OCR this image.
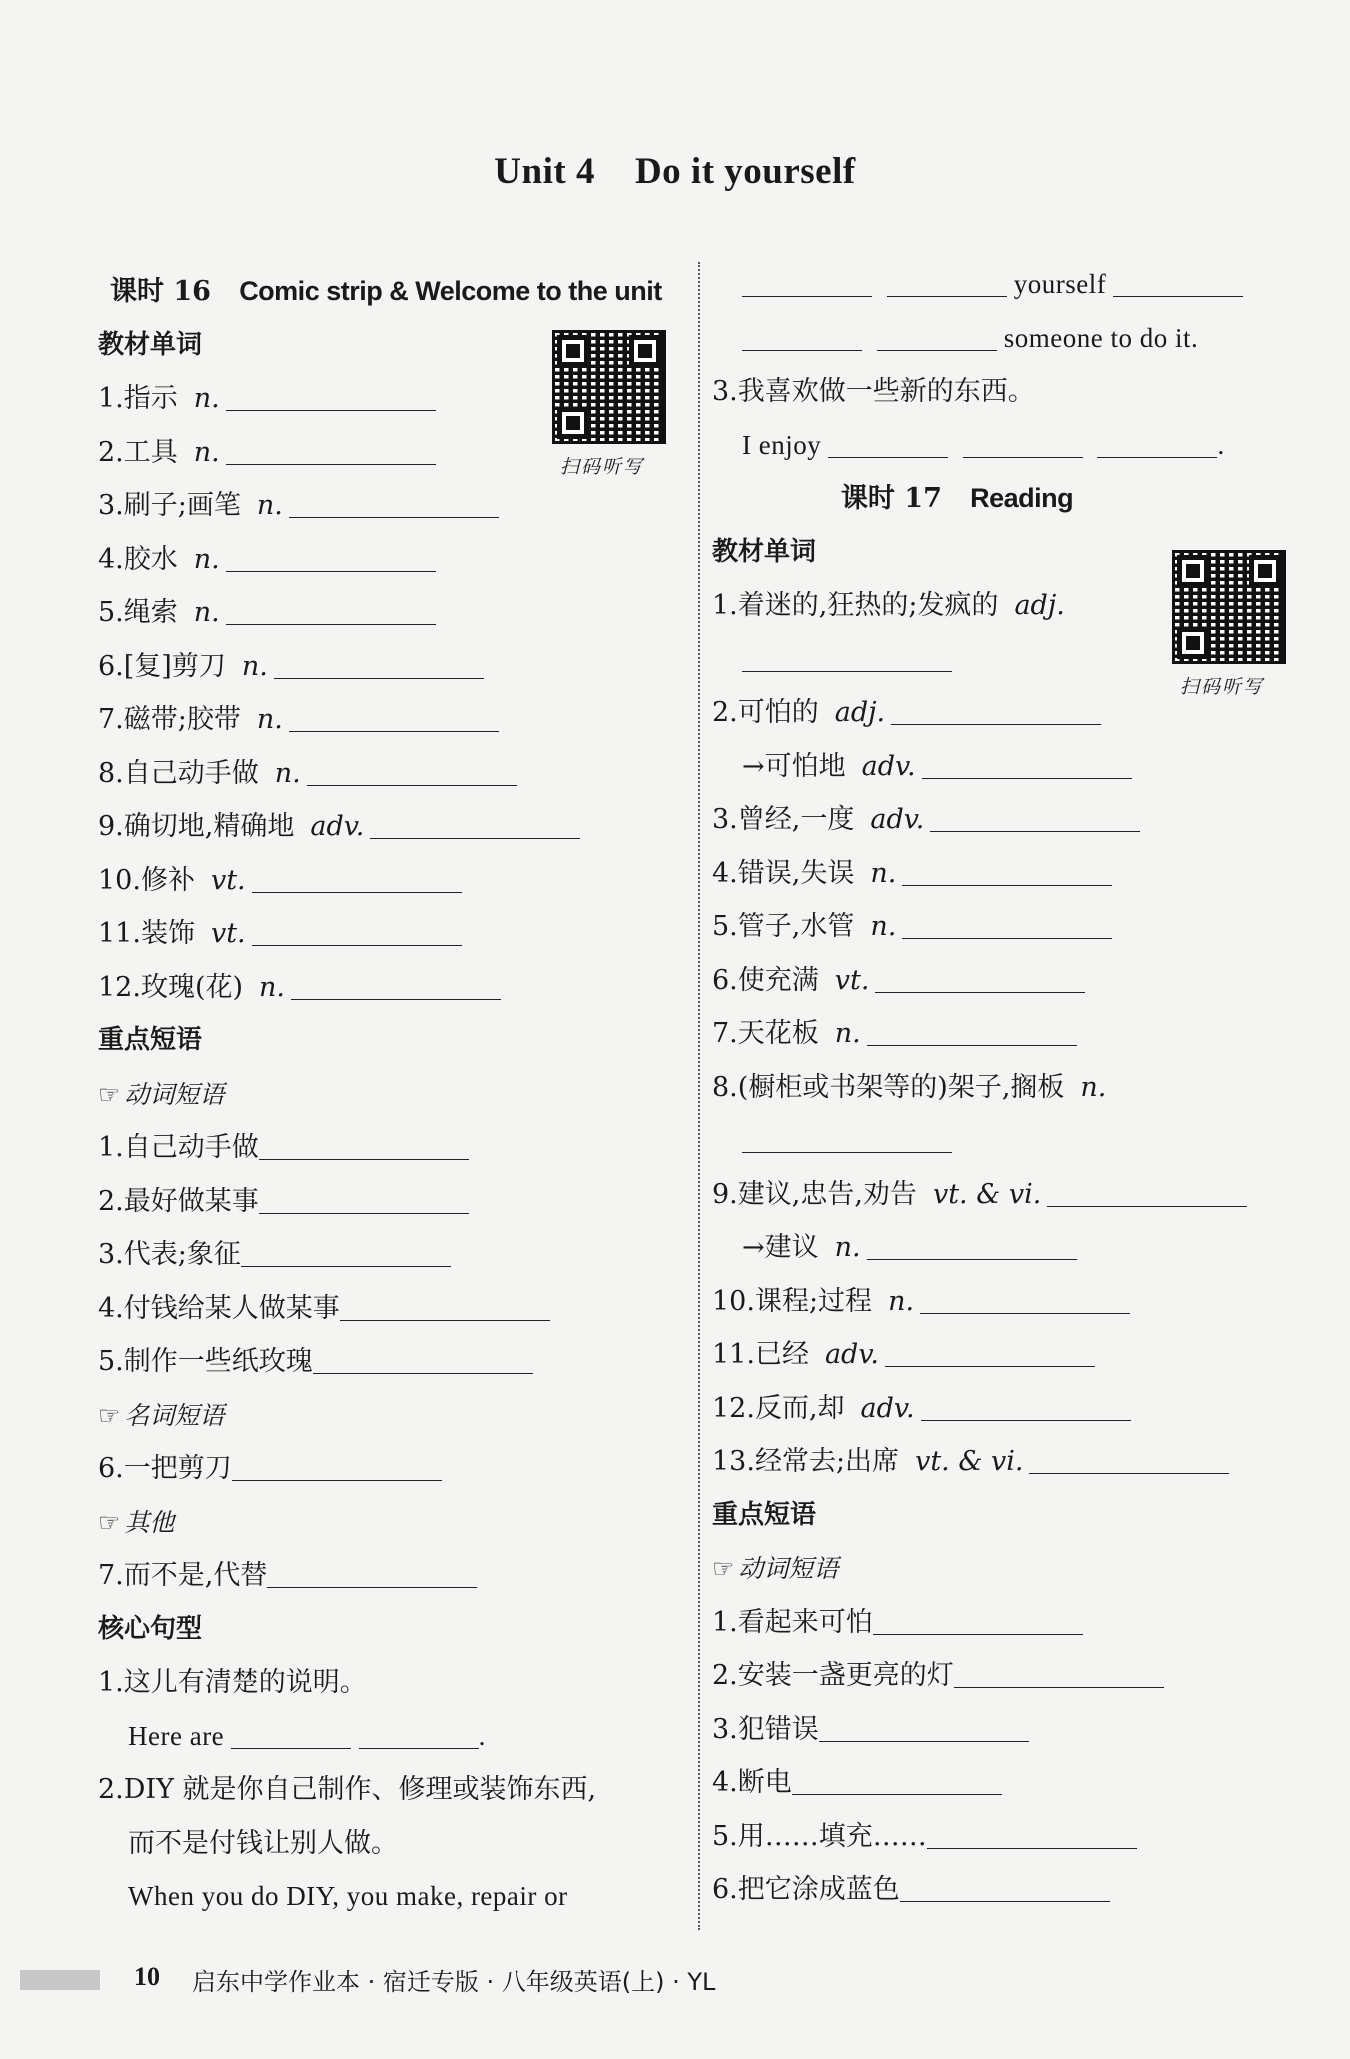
Unit 4 Do it yourself
课时 16 Comic strip & Welcome to the unit
教材单词
1.指示 n.
2.工具 n.
3.刷子;画笔 n.
4.胶水 n.
5.绳索 n.
6.[复]剪刀 n.
7.磁带;胶带 n.
8.自己动手做 n.
9.确切地,精确地 adv.
10.修补 vt.
11.装饰 vt.
12.玫瑰(花) n.
重点短语
☞ 动词短语
1.自己动手做
2.最好做某事
3.代表;象征
4.付钱给某人做某事
5.制作一些纸玫瑰
☞ 名词短语
6.一把剪刀
☞ 其他
7.而不是,代替
核心句型
1.这儿有清楚的说明。
Here are	.
2.DIY 就是你自己制作、修理或装饰东西,
而不是付钱让别人做。
When you do DIY, you make, repair or
扫码听写
yourself
someone to do it.
3.我喜欢做一些新的东西。
I enjoy	.
课时 17 Reading
教材单词
1.着迷的,狂热的;发疯的 adj.
2.可怕的 adj.
→可怕地 adv.
3.曾经,一度 adv.
4.错误,失误 n.
5.管子,水管 n.
6.使充满 vt.
7.天花板 n.
8.(橱柜或书架等的)架子,搁板 n.
9.建议,忠告,劝告 vt. & vi.
→建议 n.
10.课程;过程 n.
11.已经 adv.
12.反而,却 adv.
13.经常去;出席 vt. & vi.
重点短语
☞ 动词短语
1.看起来可怕
2.安装一盏更亮的灯
3.犯错误
4.断电
5.用……填充……
6.把它涂成蓝色
扫码听写
10 启东中学作业本 · 宿迁专版 · 八年级英语(上) · YL
